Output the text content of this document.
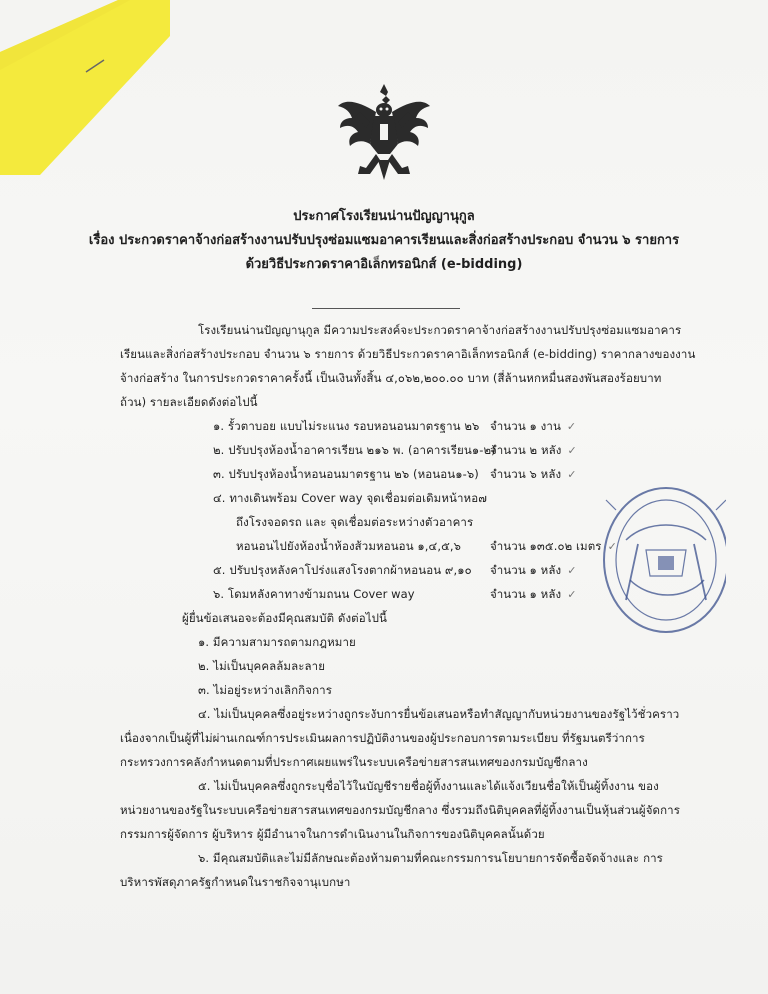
ประกาศโรงเรียนน่านปัญญานุกูล
เรื่อง ประกวดราคาจ้างก่อสร้างงานปรับปรุงซ่อมแซมอาคารเรียนและสิ่งก่อสร้างประกอบ จำนวน ๖ รายการ
ด้วยวิธีประกวดราคาอิเล็กทรอนิกส์ (e-bidding)
โรงเรียนน่านปัญญานุกูล มีความประสงค์จะประกวดราคาจ้างก่อสร้างงานปรับปรุงซ่อมแซมอาคาร
เรียนและสิ่งก่อสร้างประกอบ จำนวน ๖ รายการ ด้วยวิธีประกวดราคาอิเล็กทรอนิกส์ (e-bidding) ราคากลางของงาน
จ้างก่อสร้าง ในการประกวดราคาครั้งนี้ เป็นเงินทั้งสิ้น ๔,๐๖๒,๒๐๐.๐๐ บาท (สี่ล้านหกหมื่นสองพันสองร้อยบาท
ถ้วน) รายละเอียดดังต่อไปนี้
๑. รั้วตาบอย แบบไม่ระแนง รอบหอนอนมาตรฐาน ๒๖ จำนวน ๑ งาน ✓
๒. ปรับปรุงห้องน้ำอาคารเรียน ๒๑๖ พ. (อาคารเรียน๑-๒)
จำนวน ๒ หลัง ✓
๓. ปรับปรุงห้องน้ำหอนอนมาตรฐาน ๒๖ (หอนอน๑-๖) จำนวน ๖ หลัง ✓
๔. ทางเดินพร้อม Cover way จุดเชื่อมต่อเดิมหน้าหอ๗
ถึงโรงจอดรถ และ จุดเชื่อมต่อระหว่างตัวอาคาร
หอนอนไปยังห้องน้ำห้องส้วมหอนอน ๑,๔,๕,๖	จำนวน ๑๓๕.๐๒ เมตร ✓
๕. ปรับปรุงหลังคาโปร่งแสงโรงตากผ้าหอนอน ๙,๑๐ จำนวน ๑ หลัง ✓
๖. โดมหลังคาทางข้ามถนน Cover way	จำนวน ๑ หลัง ✓
ผู้ยื่นข้อเสนอจะต้องมีคุณสมบัติ ดังต่อไปนี้
๑. มีความสามารถตามกฎหมาย
๒. ไม่เป็นบุคคลล้มละลาย
๓. ไม่อยู่ระหว่างเลิกกิจการ
๔. ไม่เป็นบุคคลซึ่งอยู่ระหว่างถูกระงับการยื่นข้อเสนอหรือทำสัญญากับหน่วยงานของรัฐไว้ชั่วคราว
เนื่องจากเป็นผู้ที่ไม่ผ่านเกณฑ์การประเมินผลการปฏิบัติงานของผู้ประกอบการตามระเบียบ ที่รัฐมนตรีว่าการ
กระทรวงการคลังกำหนดตามที่ประกาศเผยแพร่ในระบบเครือข่ายสารสนเทศของกรมบัญชีกลาง
๕. ไม่เป็นบุคคลซึ่งถูกระบุชื่อไว้ในบัญชีรายชื่อผู้ทิ้งงานและได้แจ้งเวียนชื่อให้เป็นผู้ทิ้งงาน ของ
หน่วยงานของรัฐในระบบเครือข่ายสารสนเทศของกรมบัญชีกลาง ซึ่งรวมถึงนิติบุคคลที่ผู้ทิ้งงานเป็นหุ้นส่วนผู้จัดการ
กรรมการผู้จัดการ ผู้บริหาร ผู้มีอำนาจในการดำเนินงานในกิจการของนิติบุคคลนั้นด้วย
๖. มีคุณสมบัติและไม่มีลักษณะต้องห้ามตามที่คณะกรรมการนโยบายการจัดซื้อจัดจ้างและ การ
บริหารพัสดุภาครัฐกำหนดในราชกิจจานุเบกษา
